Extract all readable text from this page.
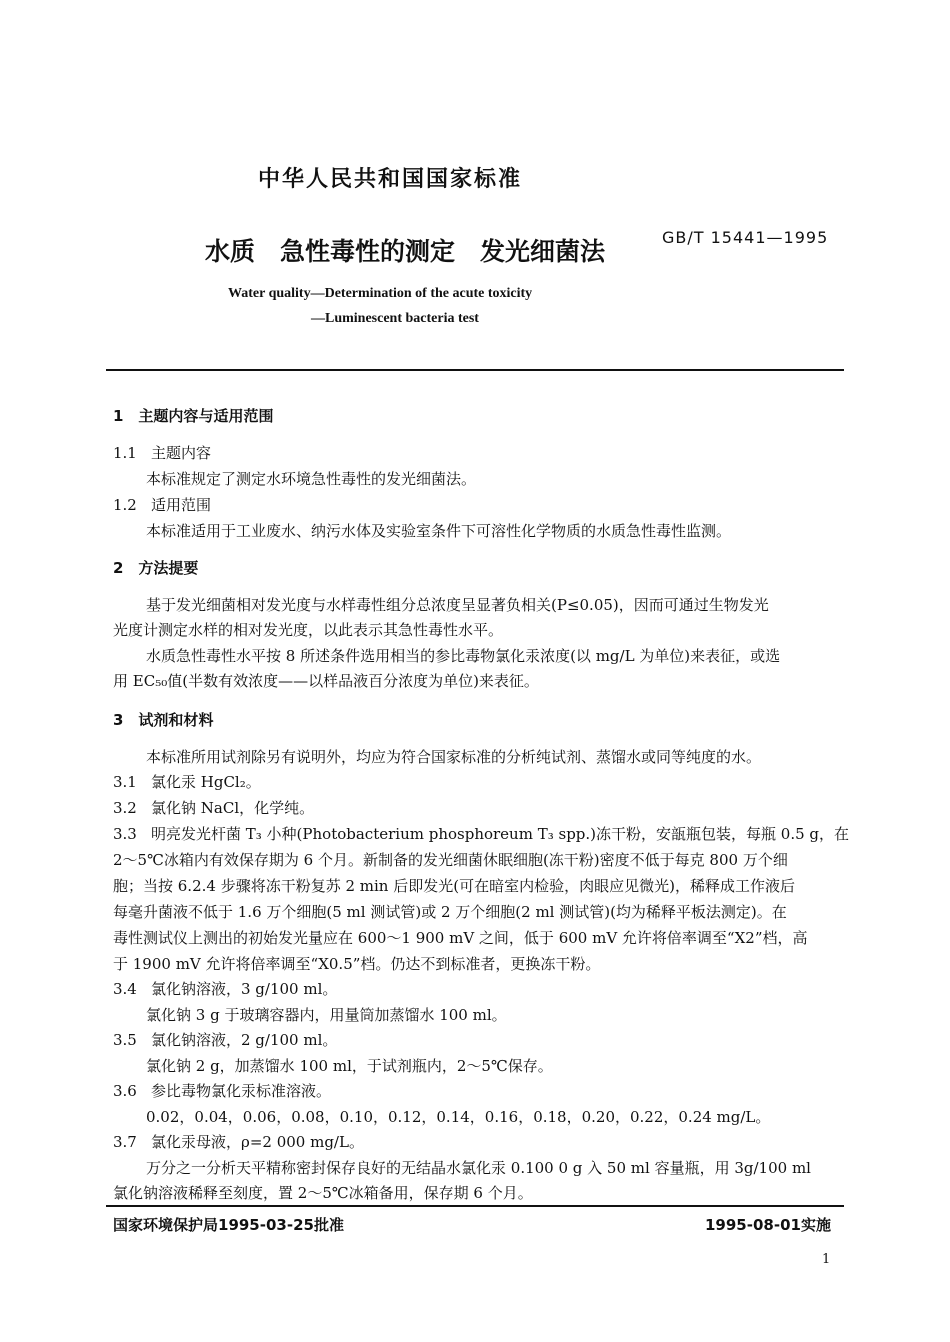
中华人民共和国国家标准
水质　急性毒性的测定　发光细菌法	GB/T 15441—1995
Water quality—Determination of the acute toxicity
—Luminescent bacteria test
1　主题内容与适用范围
1.1 主题内容
本标准规定了测定水环境急性毒性的发光细菌法。
1.2 适用范围
本标准适用于工业废水、纳污水体及实验室条件下可溶性化学物质的水质急性毒性监测。
2　方法提要
基于发光细菌相对发光度与水样毒性组分总浓度呈显著负相关(P≤0.05)，因而可通过生物发光
光度计测定水样的相对发光度，以此表示其急性毒性水平。
水质急性毒性水平按 8 所述条件选用相当的参比毒物氯化汞浓度(以 mg/L 为单位)来表征，或选
用 EC₅₀值(半数有效浓度——以样品液百分浓度为单位)来表征。
3　试剂和材料
本标准所用试剂除另有说明外，均应为符合国家标准的分析纯试剂、蒸馏水或同等纯度的水。
3.1 氯化汞 HgCl₂。
3.2 氯化钠 NaCl，化学纯。
3.3 明亮发光杆菌 T₃ 小种(Photobacterium phosphoreum T₃ spp.)冻干粉，安瓿瓶包装，每瓶 0.5 g，在
2～5℃冰箱内有效保存期为 6 个月。新制备的发光细菌休眠细胞(冻干粉)密度不低于每克 800 万个细
胞；当按 6.2.4 步骤将冻干粉复苏 2 min 后即发光(可在暗室内检验，肉眼应见微光)，稀释成工作液后
每毫升菌液不低于 1.6 万个细胞(5 ml 测试管)或 2 万个细胞(2 ml 测试管)(均为稀释平板法测定)。在
毒性测试仪上测出的初始发光量应在 600～1 900 mV 之间，低于 600 mV 允许将倍率调至“X2”档，高
于 1900 mV 允许将倍率调至“X0.5”档。仍达不到标准者，更换冻干粉。
3.4 氯化钠溶液，3 g/100 ml。
氯化钠 3 g 于玻璃容器内，用量筒加蒸馏水 100 ml。
3.5 氯化钠溶液，2 g/100 ml。
氯化钠 2 g，加蒸馏水 100 ml，于试剂瓶内，2～5℃保存。
3.6 参比毒物氯化汞标准溶液。
0.02，0.04，0.06，0.08，0.10，0.12，0.14，0.16，0.18，0.20，0.22，0.24 mg/L。
3.7 氯化汞母液，ρ=2 000 mg/L。
万分之一分析天平精称密封保存良好的无结晶水氯化汞 0.100 0 g 入 50 ml 容量瓶，用 3g/100 ml
氯化钠溶液稀释至刻度，置 2～5℃冰箱备用，保存期 6 个月。
国家环境保护局1995-03-25批准	1995-08-01实施
1
